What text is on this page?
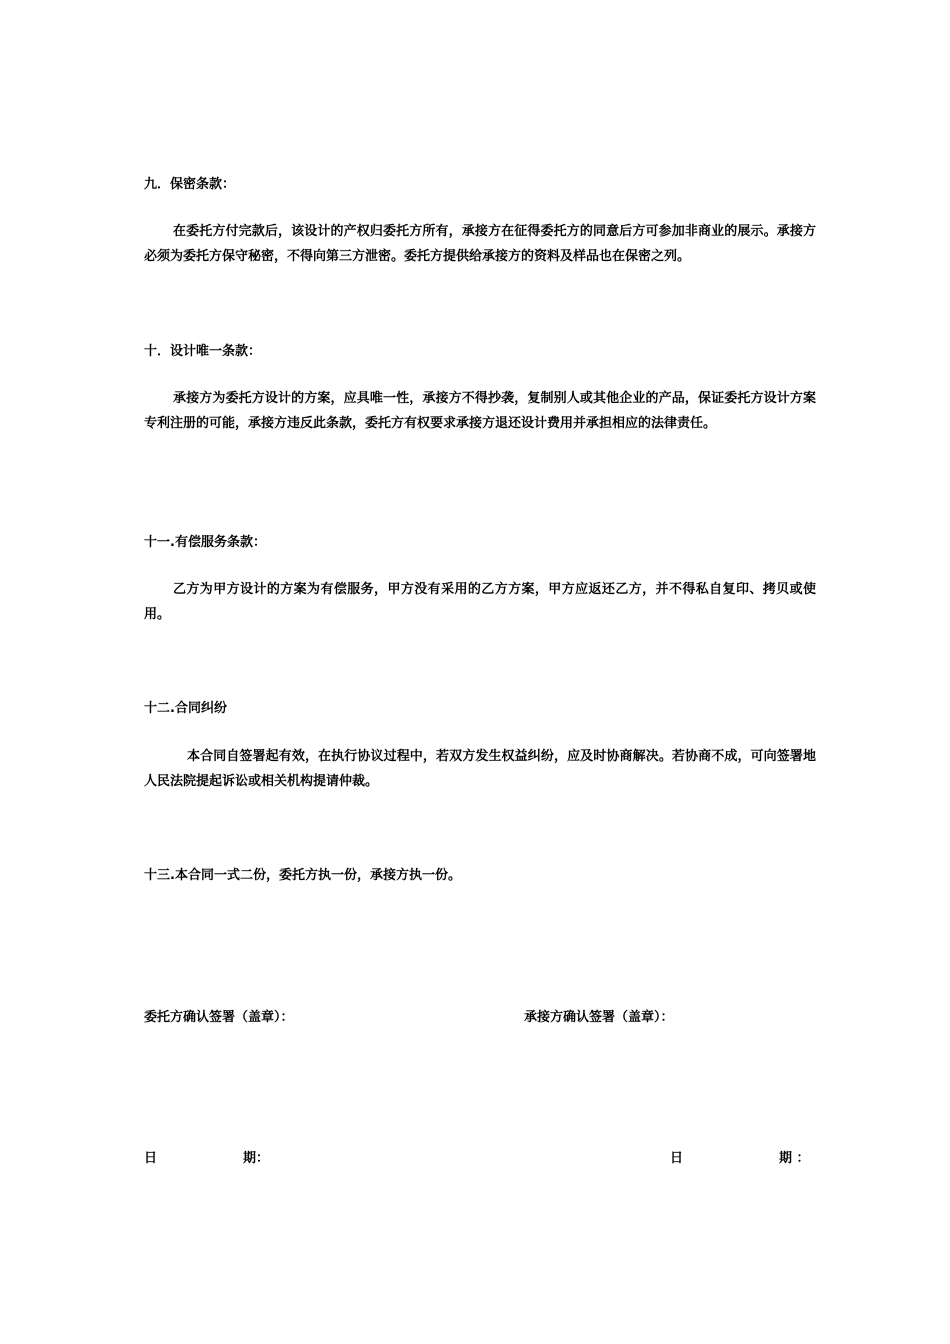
九．保密条款：
在委托方付完款后，该设计的产权归委托方所有，承接方在征得委托方的同意后方可参加非商业的展示。承接方必须为委托方保守秘密，不得向第三方泄密。委托方提供给承接方的资料及样品也在保密之列。
十．设计唯一条款：
承接方为委托方设计的方案，应具唯一性，承接方不得抄袭，复制别人或其他企业的产品，保证委托方设计方案专利注册的可能，承接方违反此条款，委托方有权要求承接方退还设计费用并承担相应的法律责任。
十一.有偿服务条款：
乙方为甲方设计的方案为有偿服务，甲方没有采用的乙方方案，甲方应返还乙方，并不得私自复印、拷贝或使用。
十二.合同纠纷
本合同自签署起有效，在执行协议过程中，若双方发生权益纠纷，应及时协商解决。若协商不成，可向签署地人民法院提起诉讼或相关机构提请仲裁。
十三.本合同一式二份，委托方执一份，承接方执一份。
委托方确认签署（盖章）：	承接方确认签署（盖章）：
日	期：	日	期 ：
